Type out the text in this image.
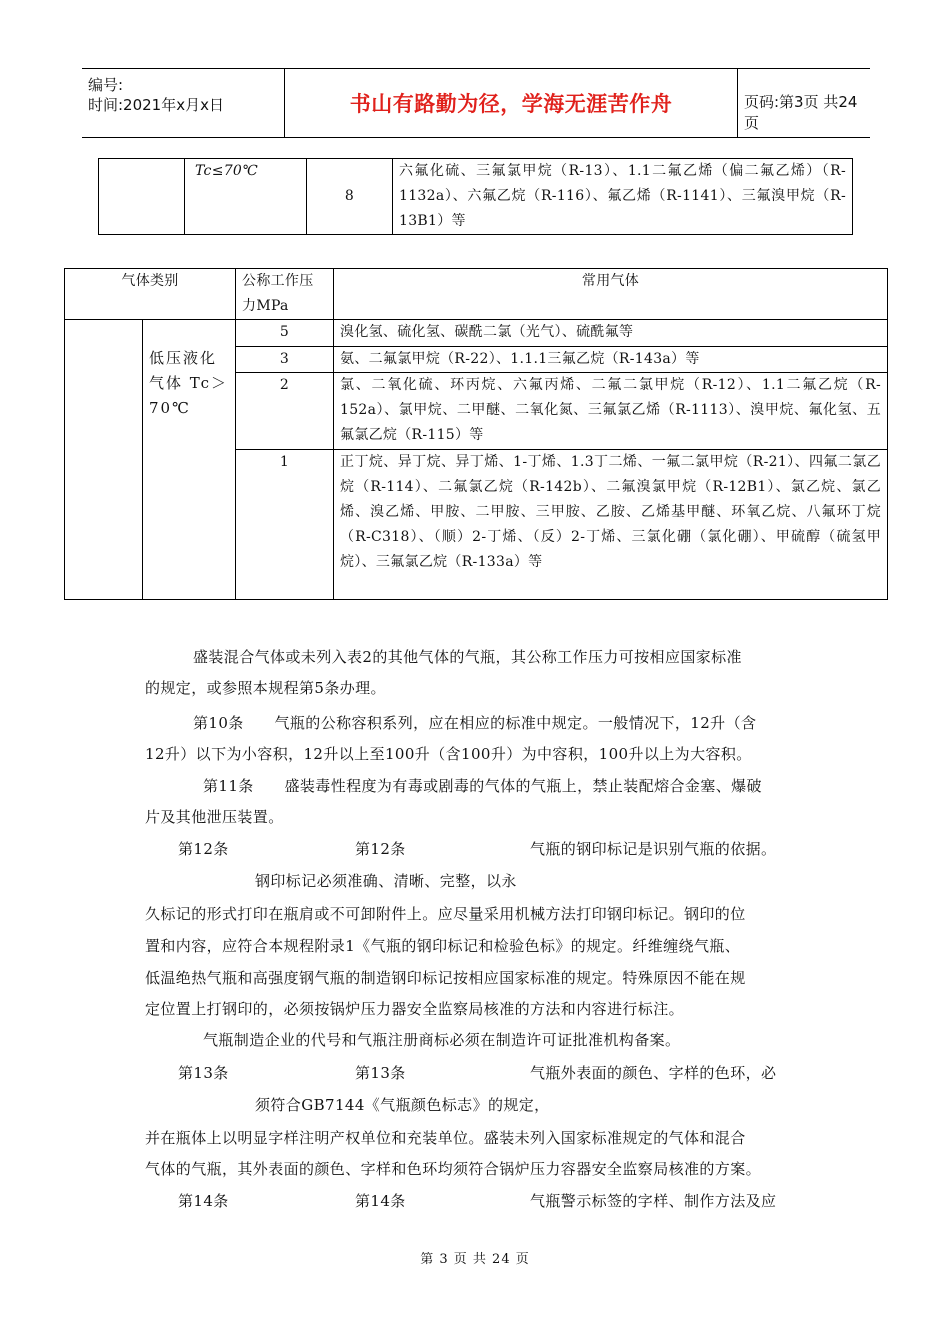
编号:
时间:2021年x月x日	书山有路勤为径，学海无涯苦作舟	页码:第3页 共24页
	Tc≤70℃	8	六氟化硫、三氟氯甲烷（R-13）、1.1二氟乙烯（偏二氟乙烯）（R-1132a）、六氟乙烷（R-116）、氟乙烯（R-1141）、三氟溴甲烷（R-13B1）等
气体类别		公称工作压力MPa	常用气体
	低压液化气体 Tc＞70℃	5	溴化氢、硫化氢、碳酰二氯（光气）、硫酰氟等
		3	氨、二氟氯甲烷（R-22）、1.1.1三氟乙烷（R-143a）等
		2	氯、二氧化硫、环丙烷、六氟丙烯、二氟二氯甲烷（R-12）、1.1二氟乙烷（R-152a）、氯甲烷、二甲醚、二氧化氮、三氟氯乙烯（R-1113）、溴甲烷、氟化氢、五氟氯乙烷（R-115）等
		1	正丁烷、异丁烷、异丁烯、1-丁烯、1.3丁二烯、一氟二氯甲烷（R-21）、四氟二氯乙烷（R-114）、二氟氯乙烷（R-142b）、二氟溴氯甲烷（R-12B1）、氯乙烷、氯乙烯、溴乙烯、甲胺、二甲胺、三甲胺、乙胺、乙烯基甲醚、环氧乙烷、八氟环丁烷（R-C318）、（顺）2-丁烯、（反）2-丁烯、三氯化硼（氯化硼）、甲硫醇（硫氢甲烷）、三氟氯乙烷（R-133a）等
盛装混合气体或未列入表2的其他气体的气瓶，其公称工作压力可按相应国家标准
的规定，或参照本规程第5条办理。
第10条　　气瓶的公称容积系列，应在相应的标准中规定。一般情况下，12升（含
12升）以下为小容积，12升以上至100升（含100升）为中容积，100升以上为大容积。
第11条　　盛装毒性程度为有毒或剧毒的气体的气瓶上，禁止装配熔合金塞、爆破
片及其他泄压装置。
第12条	第12条	气瓶的钢印标记是识别气瓶的依据。
钢印标记必须准确、清晰、完整，以永
久标记的形式打印在瓶肩或不可卸附件上。应尽量采用机械方法打印钢印标记。钢印的位
置和内容，应符合本规程附录1《气瓶的钢印标记和检验色标》的规定。纤维缠绕气瓶、
低温绝热气瓶和高强度钢气瓶的制造钢印标记按相应国家标准的规定。特殊原因不能在规
定位置上打钢印的，必须按锅炉压力器安全监察局核准的方法和内容进行标注。
气瓶制造企业的代号和气瓶注册商标必须在制造许可证批准机构备案。
第13条	第13条	气瓶外表面的颜色、字样的色环，必
须符合GB7144《气瓶颜色标志》的规定，
并在瓶体上以明显字样注明产权单位和充装单位。盛装未列入国家标准规定的气体和混合
气体的气瓶，其外表面的颜色、字样和色环均须符合锅炉压力容器安全监察局核准的方案。
第14条	第14条	气瓶警示标签的字样、制作方法及应
第 3 页 共 24 页
